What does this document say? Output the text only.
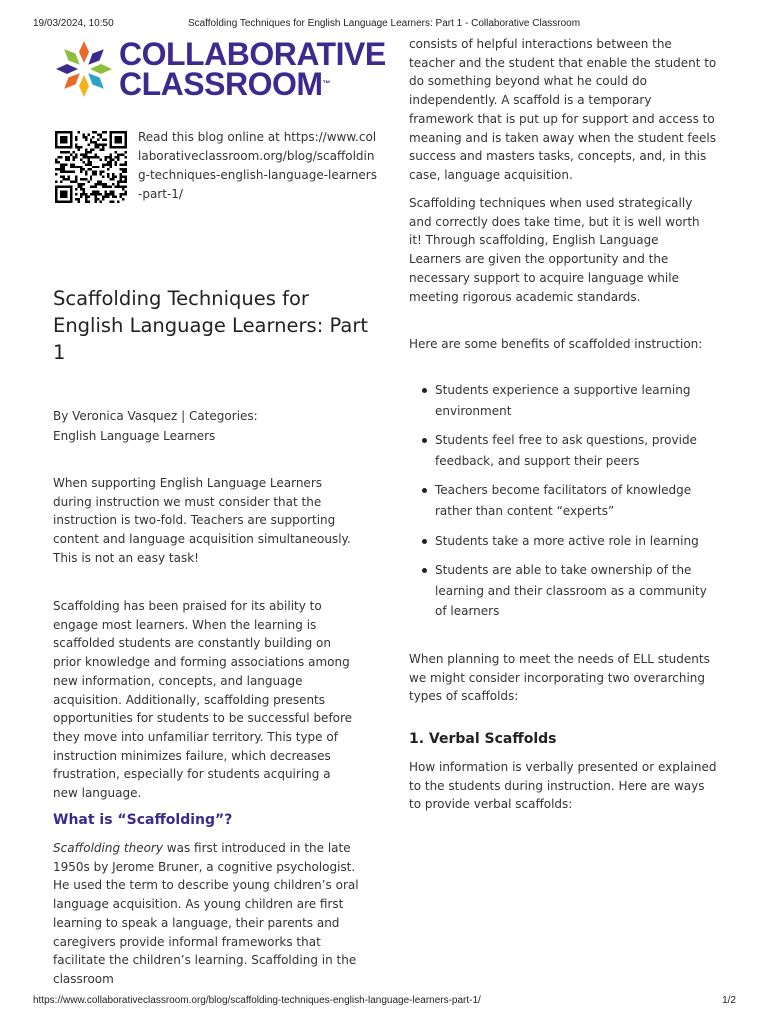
19/03/2024, 10:50	Scaffolding Techniques for English Language Learners: Part 1 - Collaborative Classroom
COLLABORATIVE
CLASSROOM™
Read this blog online at https://www.collaborativeclassroom.org/blog/scaffolding-techniques-english-language-learners-part-1/
Scaffolding Techniques for English Language Learners: Part 1
By Veronica Vasquez | Categories:
English Language Learners

When supporting English Language Learners during instruction we must consider that the instruction is two-fold. Teachers are supporting content and language acquisition simultaneously. This is not an easy task!

Scaffolding has been praised for its ability to engage most learners. When the learning is scaffolded students are constantly building on prior knowledge and forming associations among new information, concepts, and language acquisition. Additionally, scaffolding presents opportunities for students to be successful before they move into unfamiliar territory. This type of instruction minimizes failure, which decreases frustration, especially for students acquiring a new language.

What is “Scaffolding”?

Scaffolding theory was first introduced in the late 1950s by Jerome Bruner, a cognitive psychologist. He used the term to describe young children’s oral language acquisition. As young children are first learning to speak a language, their parents and caregivers provide informal frameworks that facilitate the children’s learning. Scaffolding in the classroom

consists of helpful interactions between the teacher and the student that enable the student to do something beyond what he could do independently. A scaffold is a temporary framework that is put up for support and access to meaning and is taken away when the student feels success and masters tasks, concepts, and, in this case, language acquisition.

Scaffolding techniques when used strategically and correctly does take time, but it is well worth it! Through scaffolding, English Language Learners are given the opportunity and the necessary support to acquire language while meeting rigorous academic standards.

Here are some benefits of scaffolded instruction:

Students experience a supportive learning environment
Students feel free to ask questions, provide feedback, and support their peers
Teachers become facilitators of knowledge rather than content “experts”
Students take a more active role in learning
Students are able to take ownership of the learning and their classroom as a community of learners

When planning to meet the needs of ELL students we might consider incorporating two overarching types of scaffolds:

1. Verbal Scaffolds

How information is verbally presented or explained to the students during instruction. Here are ways to provide verbal scaffolds:

https://www.collaborativeclassroom.org/blog/scaffolding-techniques-english-language-learners-part-1/	1/2
